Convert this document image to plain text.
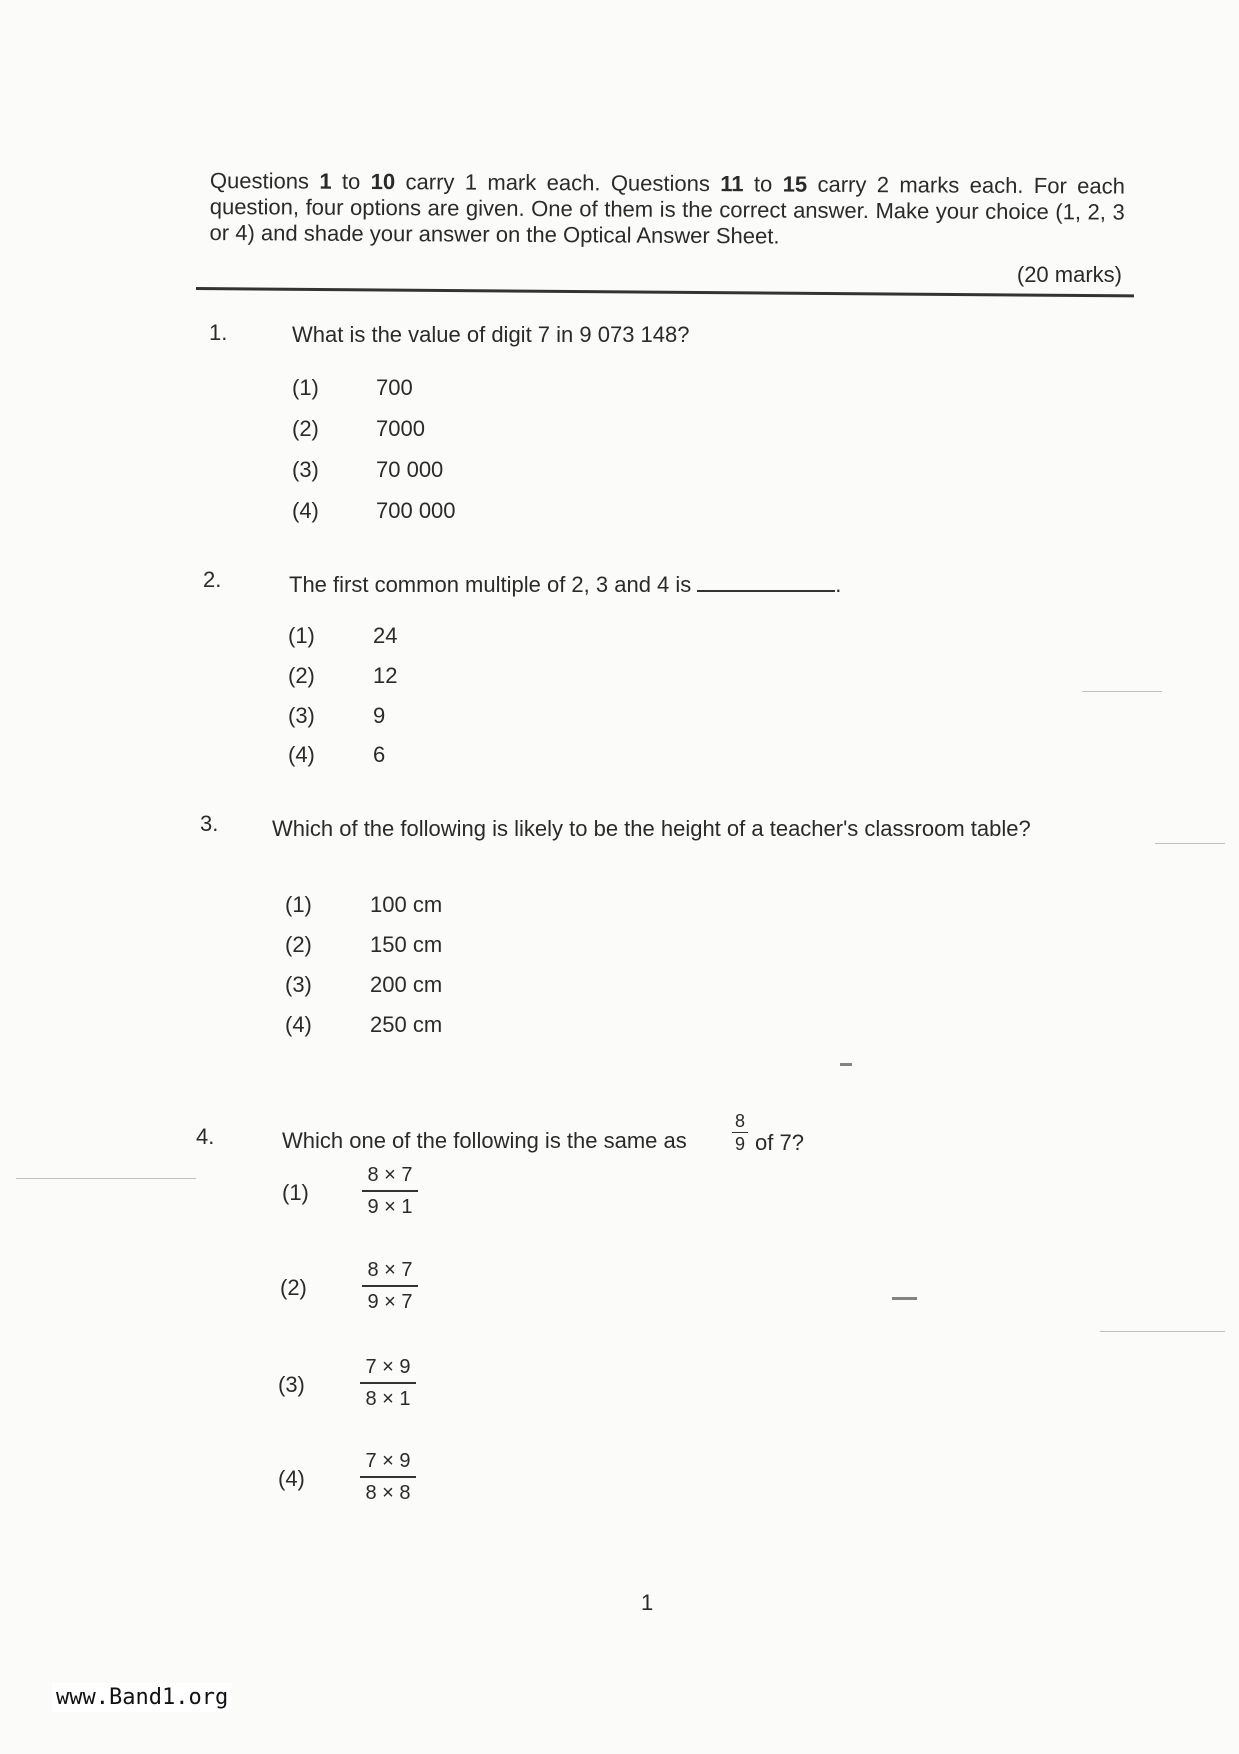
Questions 1 to 10 carry 1 mark each. Questions 11 to 15 carry 2 marks each. For each question, four options are given. One of them is the correct answer. Make your choice (1, 2, 3 or 4) and shade your answer on the Optical Answer Sheet.
(20 marks)
1.	What is the value of digit 7 in 9 073 148?
(1)	700
(2)	7000
(3)	70 000
(4)	700 000
2.	The first common multiple of 2, 3 and 4 is	.
(1)	24
(2)	12
(3)	9
(4)	6
3. Which of the following is likely to be the height of a teacher's classroom table?
(1)	100 cm
(2)	150 cm
(3)	200 cm
(4)	250 cm
4.	Which one of the following is the same as
8
9 of 7?
(1)
8 × 7
9 × 1
(2)
8 × 7
9 × 7
(3)
7 × 9
8 × 1
(4)
7 × 9
8 × 8
1
www.Band1.org
